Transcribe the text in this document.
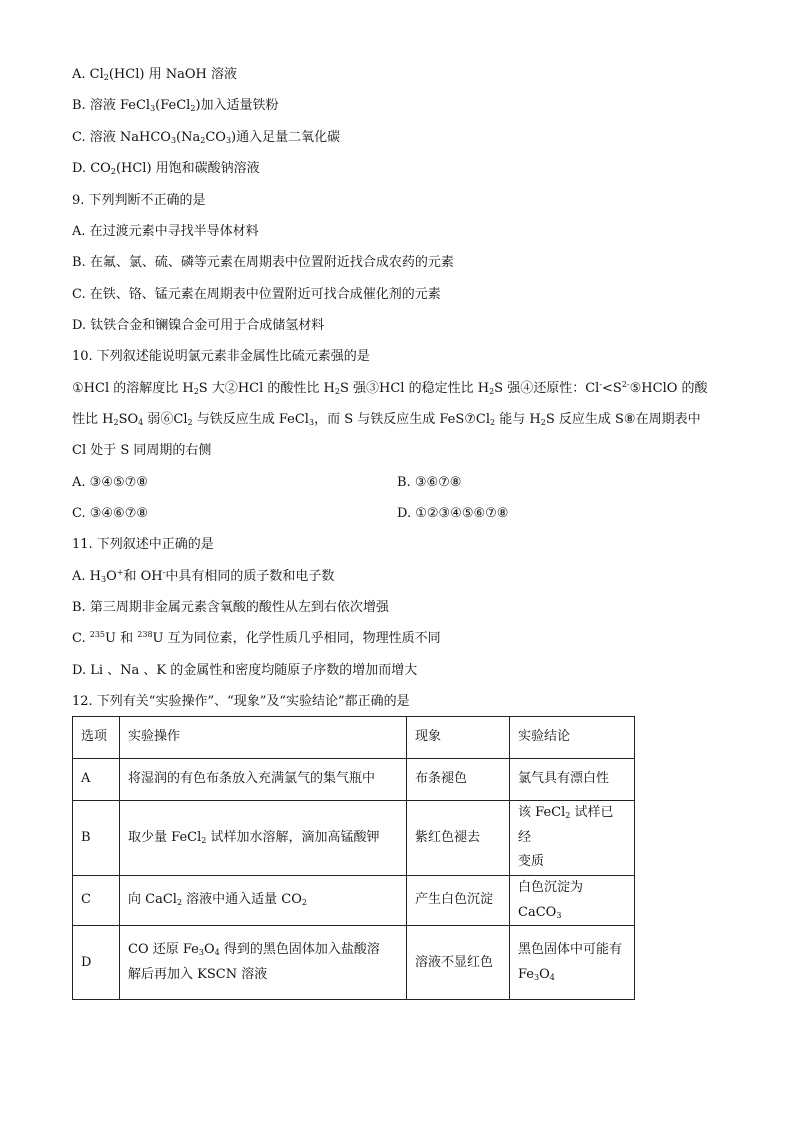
A. $Cl_2(HCl)$ 用 NaOH 溶液
B. 溶液 FeCl$_3$(FeCl$_2$)加入适量铁粉
C. 溶液 $NaHCO_3(Na_2CO_3)$通入足量二氧化碳
D. $CO_2(HCl)$ 用饱和碳酸钠溶液
9. 下列判断不正确的是
A. 在过渡元素中寻找半导体材料
B. 在氟、氯、硫、磷等元素在周期表中位置附近找合成农药的元素
C. 在铁、铬、锰元素在周期表中位置附近可找合成催化剂的元素
D. 钛铁合金和镧镍合金可用于合成储氢材料
10. 下列叙述能说明氯元素非金属性比硫元素强的是
①HCl 的溶解度比 $H_2S$ 大②HCl 的酸性比 $H_2S$ 强③HCl 的稳定性比 $H_2S$ 强④还原性：$Cl^-<S^{2-}⑤HClO$ 的酸
性比 $H_2SO_4$ 弱$⑥Cl_2$ 与铁反应生成 FeCl$_3$，而 S 与铁反应生成 $FeS⑦Cl_2$ 能与 $H_2S$ 反应生成 S⑧在周期表中
Cl 处于 S 同周期的右侧
A. ③④⑤⑦⑧	B. ③⑥⑦⑧
C. ③④⑥⑦⑧	D. ①②③④⑤⑥⑦⑧
11. 下列叙述中正确的是
A. $H_3O^+$和 OH-中具有相同的质子数和电子数
B. 第三周期非金属元素含氧酸的酸性从左到右依次增强
C. $^{235}$U 和 $^{238}$U 互为同位素，化学性质几乎相同，物理性质不同
D. Li 、Na 、K 的金属性和密度均随原子序数的增加而增大
12. 下列有关“实验操作”、“现象”及“实验结论”都正确的是
选项	实验操作	现象	实验结论
A	将湿润的有色布条放入充满氯气的集气瓶中	布条褪色	氯气具有漂白性
B	取少量 FeCl$_2$ 试样加水溶解，滴加高锰酸钾	紫红色褪去	该 FeCl$_2$ 试样已经
变质
C	向 CaCl$_2$ 溶液中通入适量 $CO_2$	产生白色沉淀	白色沉淀为 CaCO$_3$
D	CO 还原 $Fe_3O_4$ 得到的黑色固体加入盐酸溶
解后再加入 KSCN 溶液	溶液不显红色	黑色固体中可能有
$Fe_3O_4$
